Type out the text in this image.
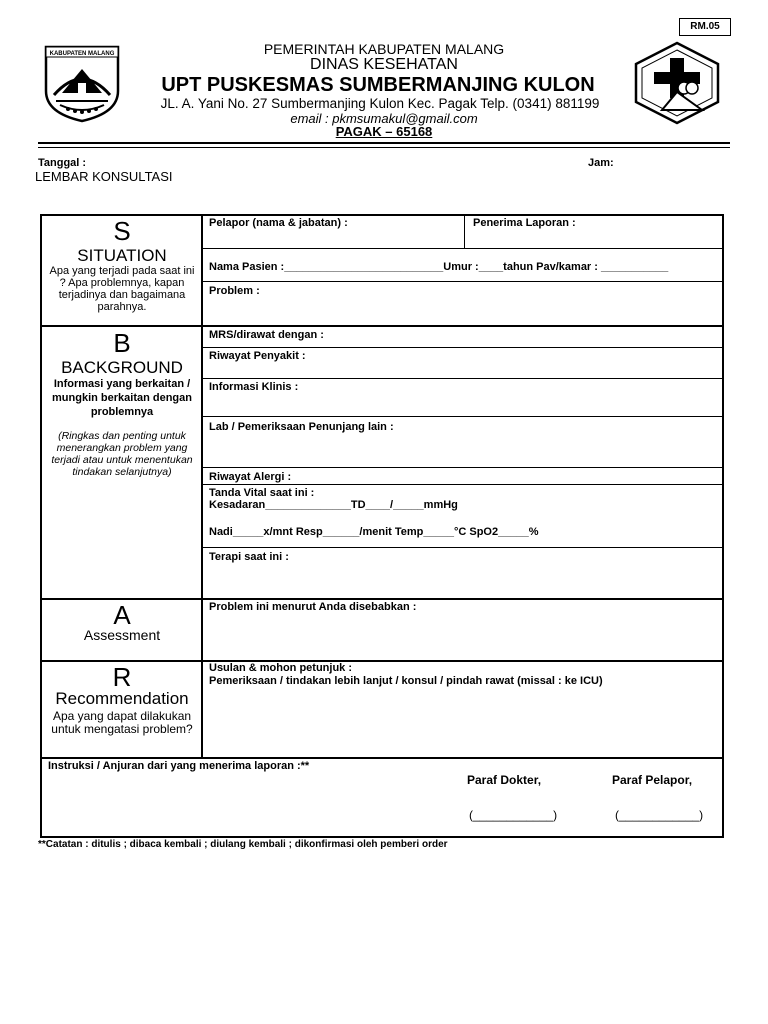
RM.05
KABUPATEN MALANG	PEMERINTAH KABUPATEN MALANG
DINAS KESEHATAN
UPT PUSKESMAS SUMBERMANJING KULON
JL. A. Yani No. 27 Sumbermanjing Kulon Kec. Pagak Telp. (0341) 881199
email : pkmsumakul@gmail.com
PAGAK – 65168
Tanggal :	Jam:
LEMBAR KONSULTASI
S
SITUATION
Apa yang terjadi pada saat ini ? Apa problemnya, kapan terjadinya dan bagaimana parahnya.
Pelapor (nama & jabatan) :	Penerima Laporan :
Nama Pasien :__________________________Umur :____tahun Pav/kamar : ___________
Problem :
B
BACKGROUND
Informasi yang berkaitan / mungkin berkaitan dengan problemnya
(Ringkas dan penting untuk menerangkan problem yang terjadi atau untuk menentukan tindakan selanjutnya)
MRS/dirawat dengan :
Riwayat Penyakit :
Informasi Klinis :
Lab / Pemeriksaan Penunjang lain :
Riwayat Alergi :
Tanda Vital saat ini :
Kesadaran______________TD____/_____mmHg
Nadi_____x/mnt Resp______/menit Temp_____°C SpO2_____%
Terapi saat ini :
A
Assessment
Problem ini menurut Anda disebabkan :
R
Recommendation
Apa yang dapat dilakukan untuk mengatasi problem?
Usulan & mohon petunjuk :
Pemeriksaan / tindakan lebih lanjut / konsul / pindah rawat (missal : ke ICU)
Instruksi / Anjuran dari yang menerima laporan :**
Paraf Dokter,	Paraf Pelapor,
(____________)	(____________)
**Catatan : ditulis ; dibaca kembali ; diulang kembali ; dikonfirmasi oleh pemberi order
